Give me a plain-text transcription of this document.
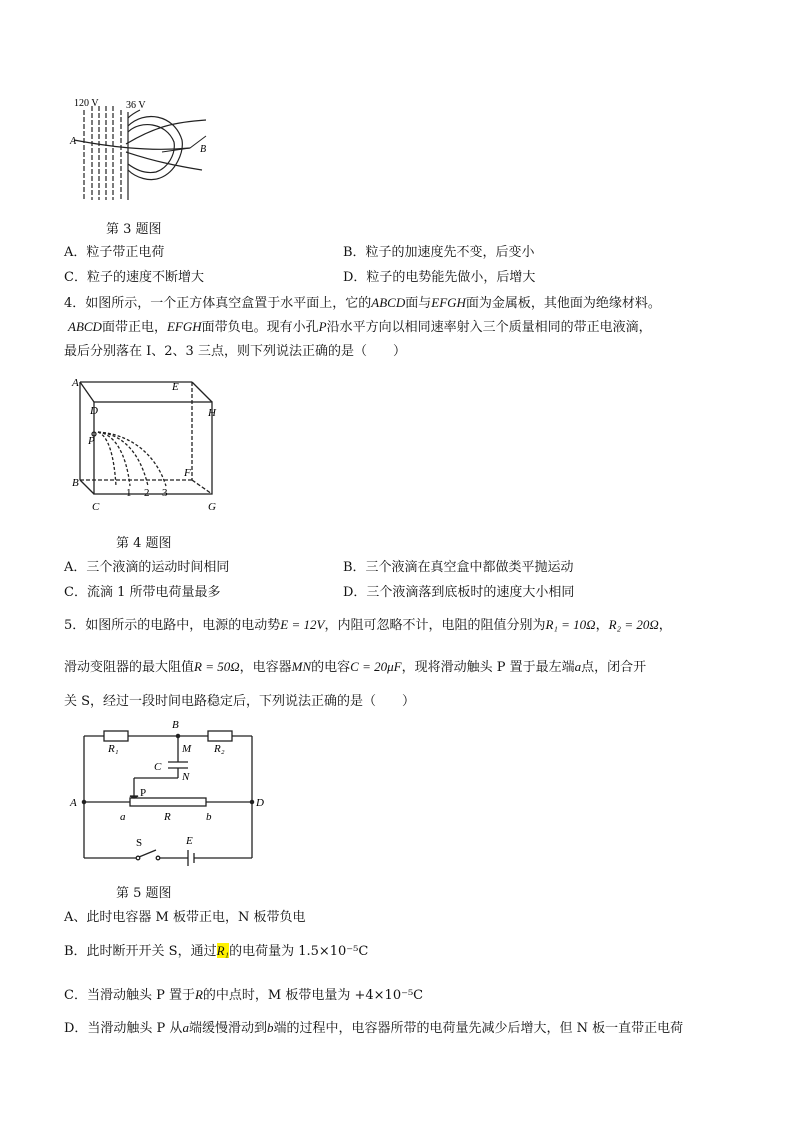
120 V	36 V
A
B
第 3 题图
A．粒子带正电荷	B．粒子的加速度先不变，后变小
C．粒子的速度不断增大	D．粒子的电势能先做小，后增大
4．如图所示，一个正方体真空盒置于水平面上，它的ABCD面与EFGH面为金属板，其他面为绝缘材料。
ABCD面带正电，EFGH面带负电。现有小孔P沿水平方向以相同速率射入三个质量相同的带正电液滴，
最后分别落在 I、2、3 三点，则下列说法正确的是（　　）
A	E
D	H
P
F
B
C	G
1 2 3
第 4 题图
A．三个液滴的运动时间相同	B．三个液滴在真空盒中都做类平抛运动
C．流滴 1 所带电荷量最多	D．三个液滴落到底板时的速度大小相同
5．如图所示的电路中，电源的电动势E = 12V，内阻可忽略不计，电阻的阻值分别为R₁ = 10Ω，R₂ = 20Ω，
滑动变阻器的最大阻值R = 50Ω，电容器MN的电容C = 20μF，现将滑动触头 P 置于最左端a点，闭合开
关 S，经过一段时间电路稳定后，下列说法正确的是（　　）
B
R₁	M R₂
C
N
A
P
D
a	R	b
S	E
第 5 题图
A、此时电容器 M 板带正电，N 板带负电
B．此时断开开关 S，通过R₁的电荷量为 1.5×10⁻⁵C
C．当滑动触头 P 置于R的中点时，M 板带电量为 +4×10⁻⁵C
D．当滑动触头 P 从a端缓慢滑动到b端的过程中，电容器所带的电荷量先减少后增大，但 N 板一直带正电荷
